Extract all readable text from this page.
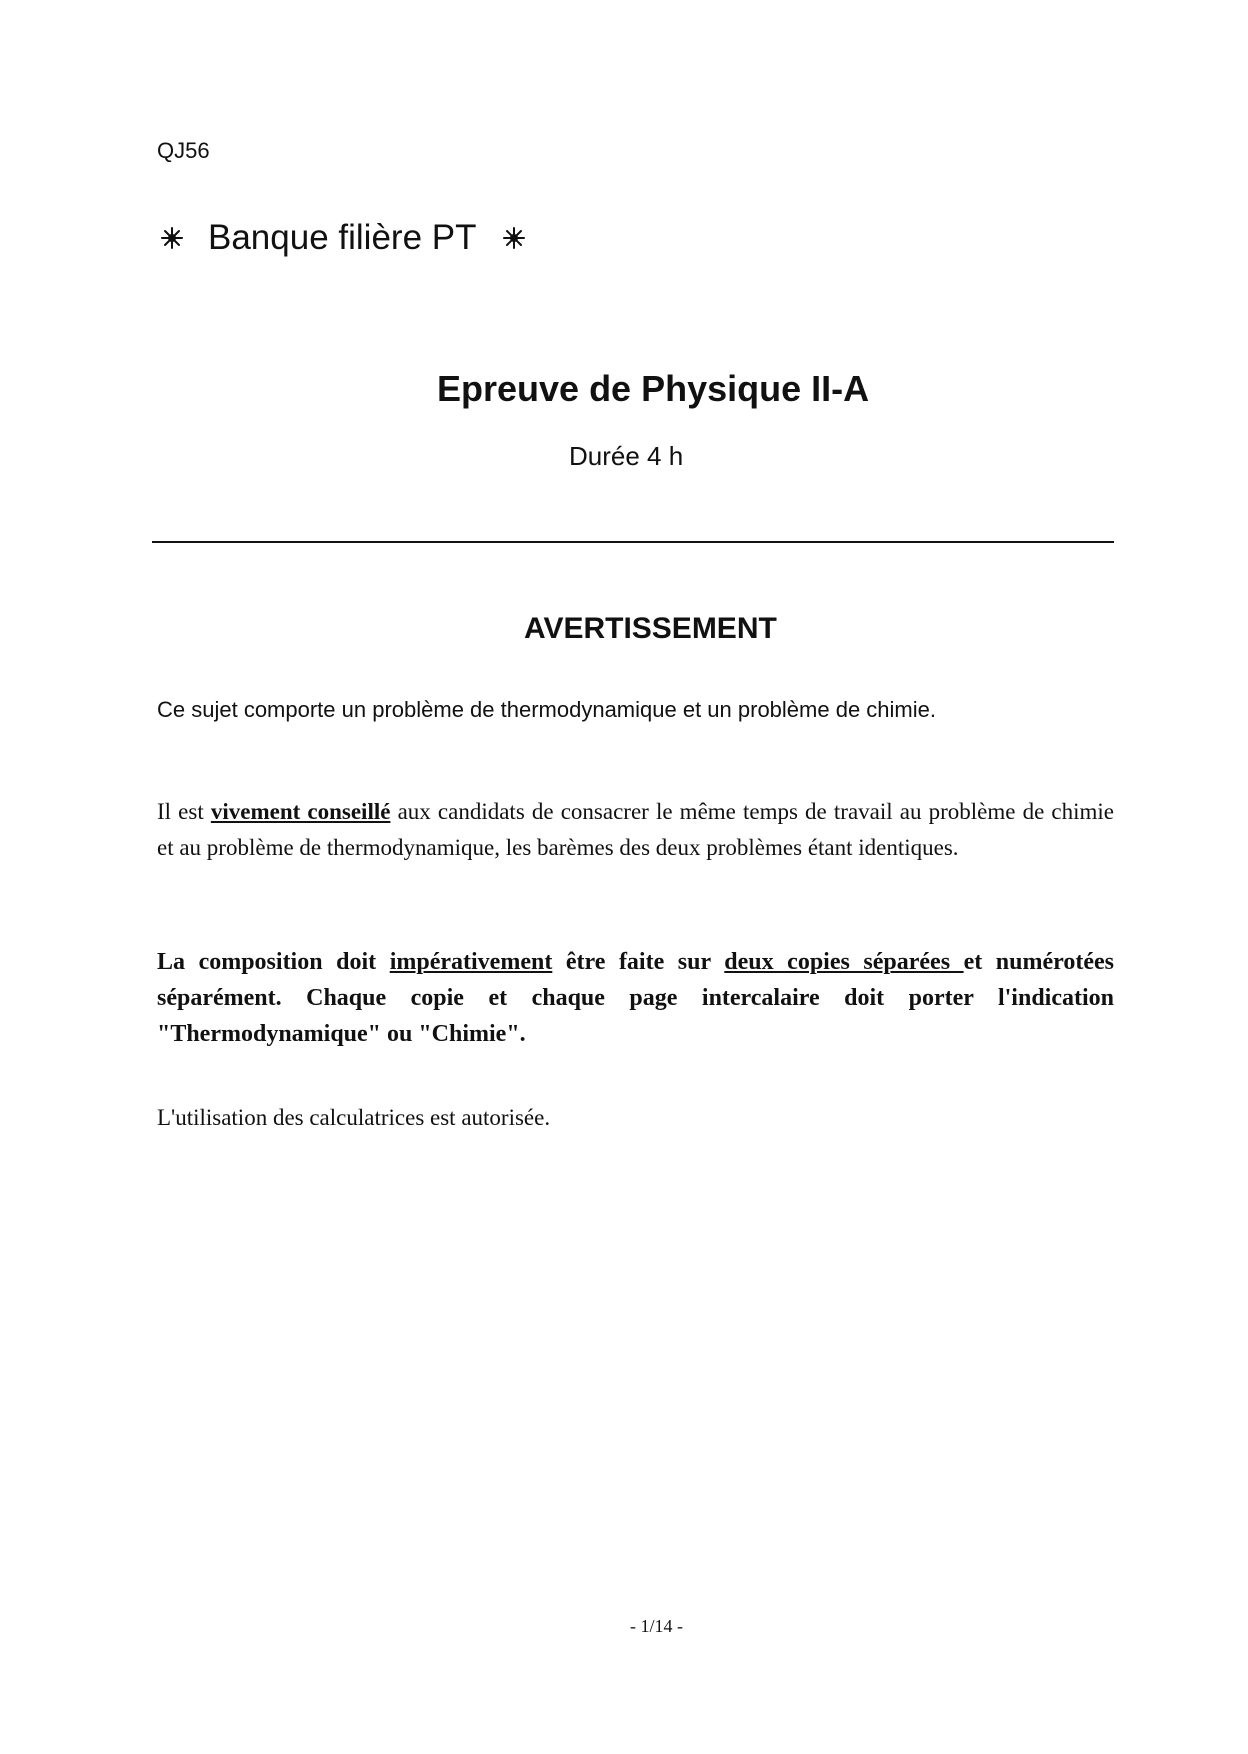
QJ56
Banque filière PT
Epreuve de Physique II-A
Durée 4 h
AVERTISSEMENT
Ce sujet comporte un problème de thermodynamique et un problème de chimie.
Il est vivement conseillé aux candidats de consacrer le même temps de travail au problème de chimie et au problème de thermodynamique, les barèmes des deux problèmes étant identiques.
La composition doit impérativement être faite sur deux copies séparées et numérotées séparément. Chaque copie et chaque page intercalaire doit porter l'indication "Thermodynamique" ou "Chimie".
L'utilisation des calculatrices est autorisée.
- 1/14 -
